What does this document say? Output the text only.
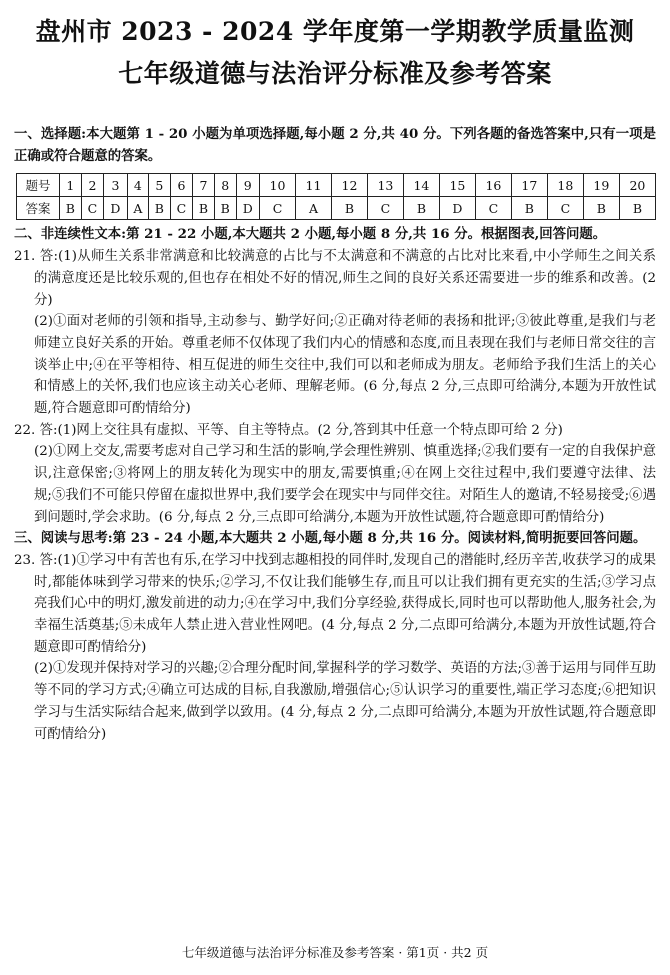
盘州市 2023 - 2024 学年度第一学期教学质量监测
七年级道德与法治评分标准及参考答案

一、选择题:本大题第 1 - 20 小题为单项选择题,每小题 2 分,共 40 分。下列各题的备选答案中,只有一项是正确或符合题意的答案。

题号	1	2	3	4	5	6	7	8	9	10	11	12	13	14	15	16	17	18	19	20
答案	B	C	D	A	B	C	B	B	D	C	A	B	C	B	D	C	B	C	B	B

二、非连续性文本:第 21 - 22 小题,本大题共 2 小题,每小题 8 分,共 16 分。根据图表,回答问题。

21. 答:(1)从师生关系非常满意和比较满意的占比与不太满意和不满意的占比对比来看,中小学师生之间关系的满意度还是比较乐观的,但也存在相处不好的情况,师生之间的良好关系还需要进一步的维系和改善。(2 分)

(2)①面对老师的引领和指导,主动参与、勤学好问;②正确对待老师的表扬和批评;③彼此尊重,是我们与老师建立良好关系的开始。尊重老师不仅体现了我们内心的情感和态度,而且表现在我们与老师日常交往的言谈举止中;④在平等相待、相互促进的师生交往中,我们可以和老师成为朋友。老师给予我们生活上的关心和情感上的关怀,我们也应该主动关心老师、理解老师。(6 分,每点 2 分,三点即可给满分,本题为开放性试题,符合题意即可酌情给分)

22. 答:(1)网上交往具有虚拟、平等、自主等特点。(2 分,答到其中任意一个特点即可给 2 分)

(2)①网上交友,需要考虑对自己学习和生活的影响,学会理性辨别、慎重选择;②我们要有一定的自我保护意识,注意保密;③将网上的朋友转化为现实中的朋友,需要慎重;④在网上交往过程中,我们要遵守法律、法规;⑤我们不可能只停留在虚拟世界中,我们要学会在现实中与同伴交往。对陌生人的邀请,不轻易接受;⑥遇到问题时,学会求助。(6 分,每点 2 分,三点即可给满分,本题为开放性试题,符合题意即可酌情给分)

三、阅读与思考:第 23 - 24 小题,本大题共 2 小题,每小题 8 分,共 16 分。阅读材料,简明扼要回答问题。

23. 答:(1)①学习中有苦也有乐,在学习中找到志趣相投的同伴时,发现自己的潜能时,经历辛苦,收获学习的成果时,都能体味到学习带来的快乐;②学习,不仅让我们能够生存,而且可以让我们拥有更充实的生活;③学习点亮我们心中的明灯,激发前进的动力;④在学习中,我们分享经验,获得成长,同时也可以帮助他人,服务社会,为幸福生活奠基;⑤未成年人禁止进入营业性网吧。(4 分,每点 2 分,二点即可给满分,本题为开放性试题,符合题意即可酌情给分)

(2)①发现并保持对学习的兴趣;②合理分配时间,掌握科学的学习数学、英语的方法;③善于运用与同伴互助等不同的学习方式;④确立可达成的目标,自我激励,增强信心;⑤认识学习的重要性,端正学习态度;⑥把知识学习与生活实际结合起来,做到学以致用。(4 分,每点 2 分,二点即可给满分,本题为开放性试题,符合题意即可酌情给分)

七年级道德与法治评分标准及参考答案 · 第1页 · 共2 页
